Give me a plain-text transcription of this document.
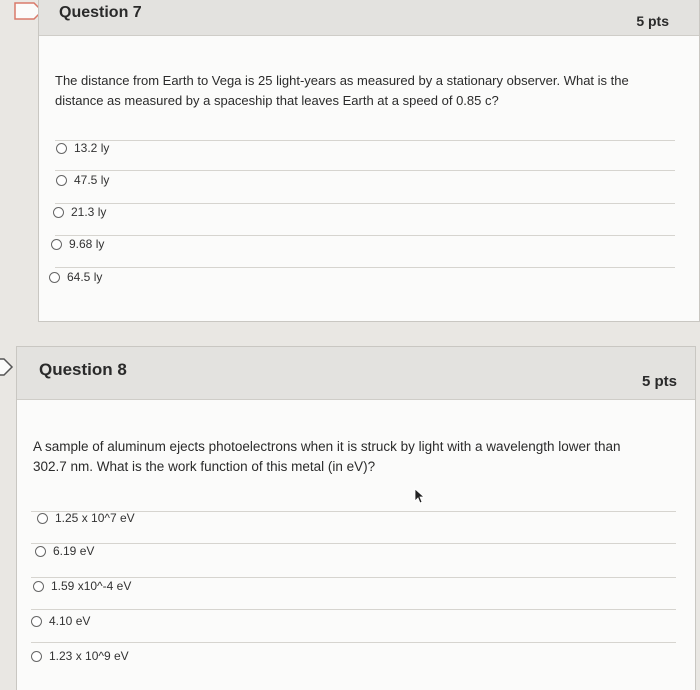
Question 7	5 pts
The distance from Earth to Vega is 25 light-years as measured by a stationary observer. What is the distance as measured by a spaceship that leaves Earth at a speed of 0.85 c?
13.2 ly
47.5 ly
21.3 ly
9.68 ly
64.5 ly
Question 8
5 pts
A sample of aluminum ejects photoelectrons when it is struck by light with a wavelength lower than 302.7 nm. What is the work function of this metal (in eV)?
1.25 x 10^7 eV
6.19 eV
1.59 x10^-4 eV
4.10 eV
1.23 x 10^9 eV
